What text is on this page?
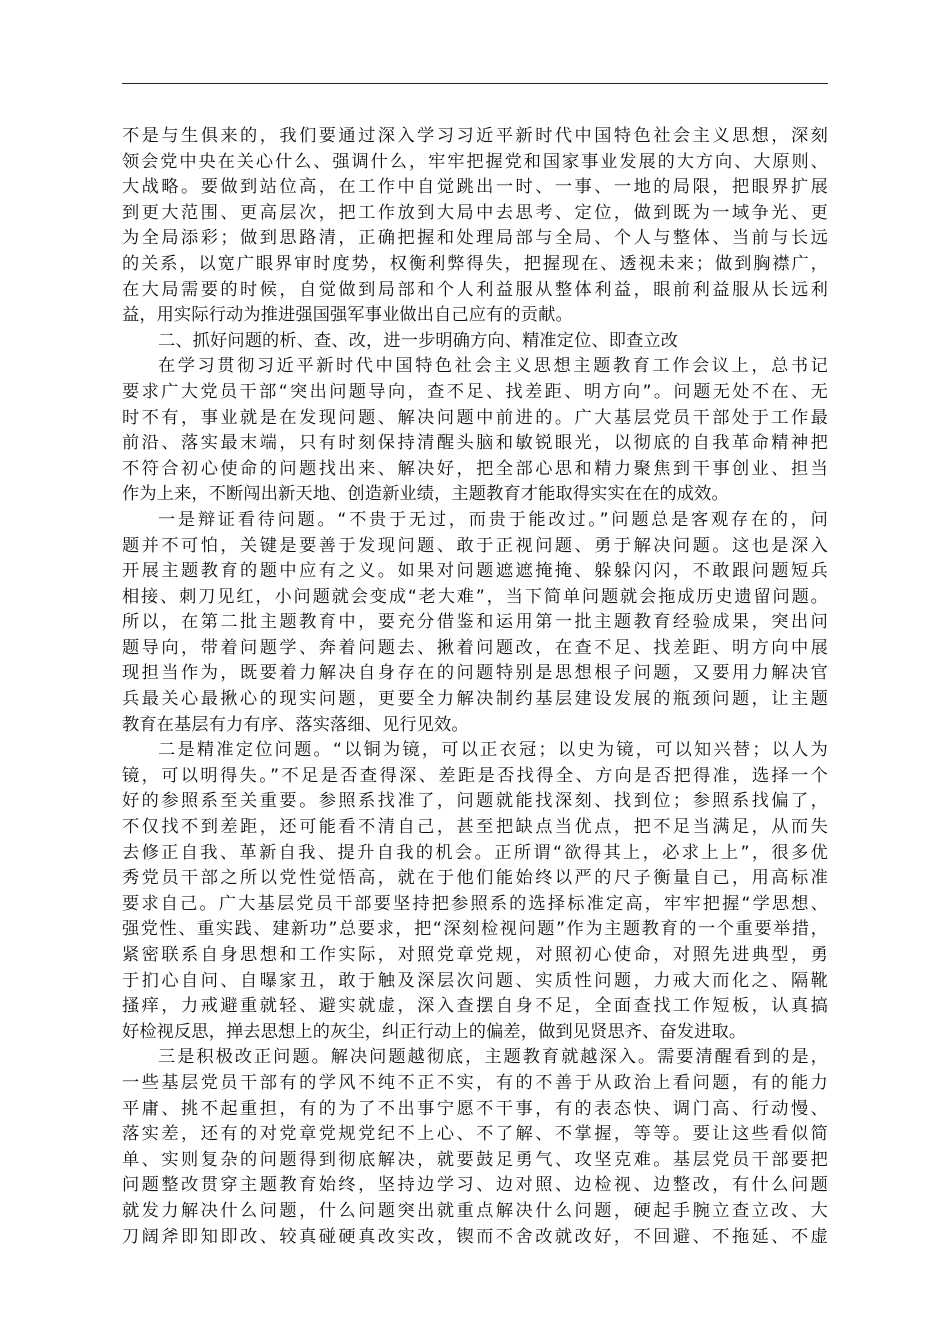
不是与生俱来的，我们要通过深入学习习近平新时代中国特色社会主义思想，深刻
领会党中央在关心什么、强调什么，牢牢把握党和国家事业发展的大方向、大原则、
大战略。要做到站位高，在工作中自觉跳出一时、一事、一地的局限，把眼界扩展
到更大范围、更高层次，把工作放到大局中去思考、定位，做到既为一域争光、更
为全局添彩；做到思路清，正确把握和处理局部与全局、个人与整体、当前与长远
的关系，以宽广眼界审时度势，权衡利弊得失，把握现在、透视未来；做到胸襟广，
在大局需要的时候，自觉做到局部和个人利益服从整体利益，眼前利益服从长远利
益，用实际行动为推进强国强军事业做出自己应有的贡献。
二、抓好问题的析、查、改，进一步明确方向、精准定位、即查立改
在学习贯彻习近平新时代中国特色社会主义思想主题教育工作会议上，总书记
要求广大党员干部“突出问题导向，查不足、找差距、明方向”。问题无处不在、无
时不有，事业就是在发现问题、解决问题中前进的。广大基层党员干部处于工作最
前沿、落实最末端，只有时刻保持清醒头脑和敏锐眼光，以彻底的自我革命精神把
不符合初心使命的问题找出来、解决好，把全部心思和精力聚焦到干事创业、担当
作为上来，不断闯出新天地、创造新业绩，主题教育才能取得实实在在的成效。
一是辩证看待问题。“不贵于无过，而贵于能改过。”问题总是客观存在的，问
题并不可怕，关键是要善于发现问题、敢于正视问题、勇于解决问题。这也是深入
开展主题教育的题中应有之义。如果对问题遮遮掩掩、躲躲闪闪，不敢跟问题短兵
相接、刺刀见红，小问题就会变成“老大难”，当下简单问题就会拖成历史遗留问题。
所以，在第二批主题教育中，要充分借鉴和运用第一批主题教育经验成果，突出问
题导向，带着问题学、奔着问题去、揪着问题改，在查不足、找差距、明方向中展
现担当作为，既要着力解决自身存在的问题特别是思想根子问题，又要用力解决官
兵最关心最揪心的现实问题，更要全力解决制约基层建设发展的瓶颈问题，让主题
教育在基层有力有序、落实落细、见行见效。
二是精准定位问题。“以铜为镜，可以正衣冠；以史为镜，可以知兴替；以人为
镜，可以明得失。”不足是否查得深、差距是否找得全、方向是否把得准，选择一个
好的参照系至关重要。参照系找准了，问题就能找深刻、找到位；参照系找偏了，
不仅找不到差距，还可能看不清自己，甚至把缺点当优点，把不足当满足，从而失
去修正自我、革新自我、提升自我的机会。正所谓“欲得其上，必求上上”，很多优
秀党员干部之所以党性觉悟高，就在于他们能始终以严的尺子衡量自己，用高标准
要求自己。广大基层党员干部要坚持把参照系的选择标准定高，牢牢把握“学思想、
强党性、重实践、建新功”总要求，把“深刻检视问题”作为主题教育的一个重要举措，
紧密联系自身思想和工作实际，对照党章党规，对照初心使命，对照先进典型，勇
于扪心自问、自曝家丑，敢于触及深层次问题、实质性问题，力戒大而化之、隔靴
搔痒，力戒避重就轻、避实就虚，深入查摆自身不足，全面查找工作短板，认真搞
好检视反思，掸去思想上的灰尘，纠正行动上的偏差，做到见贤思齐、奋发进取。
三是积极改正问题。解决问题越彻底，主题教育就越深入。需要清醒看到的是，
一些基层党员干部有的学风不纯不正不实，有的不善于从政治上看问题，有的能力
平庸、挑不起重担，有的为了不出事宁愿不干事，有的表态快、调门高、行动慢、
落实差，还有的对党章党规党纪不上心、不了解、不掌握，等等。要让这些看似简
单、实则复杂的问题得到彻底解决，就要鼓足勇气、攻坚克难。基层党员干部要把
问题整改贯穿主题教育始终，坚持边学习、边对照、边检视、边整改，有什么问题
就发力解决什么问题，什么问题突出就重点解决什么问题，硬起手腕立查立改、大
刀阔斧即知即改、较真碰硬真改实改，锲而不舍改就改好，不回避、不拖延、不虚
